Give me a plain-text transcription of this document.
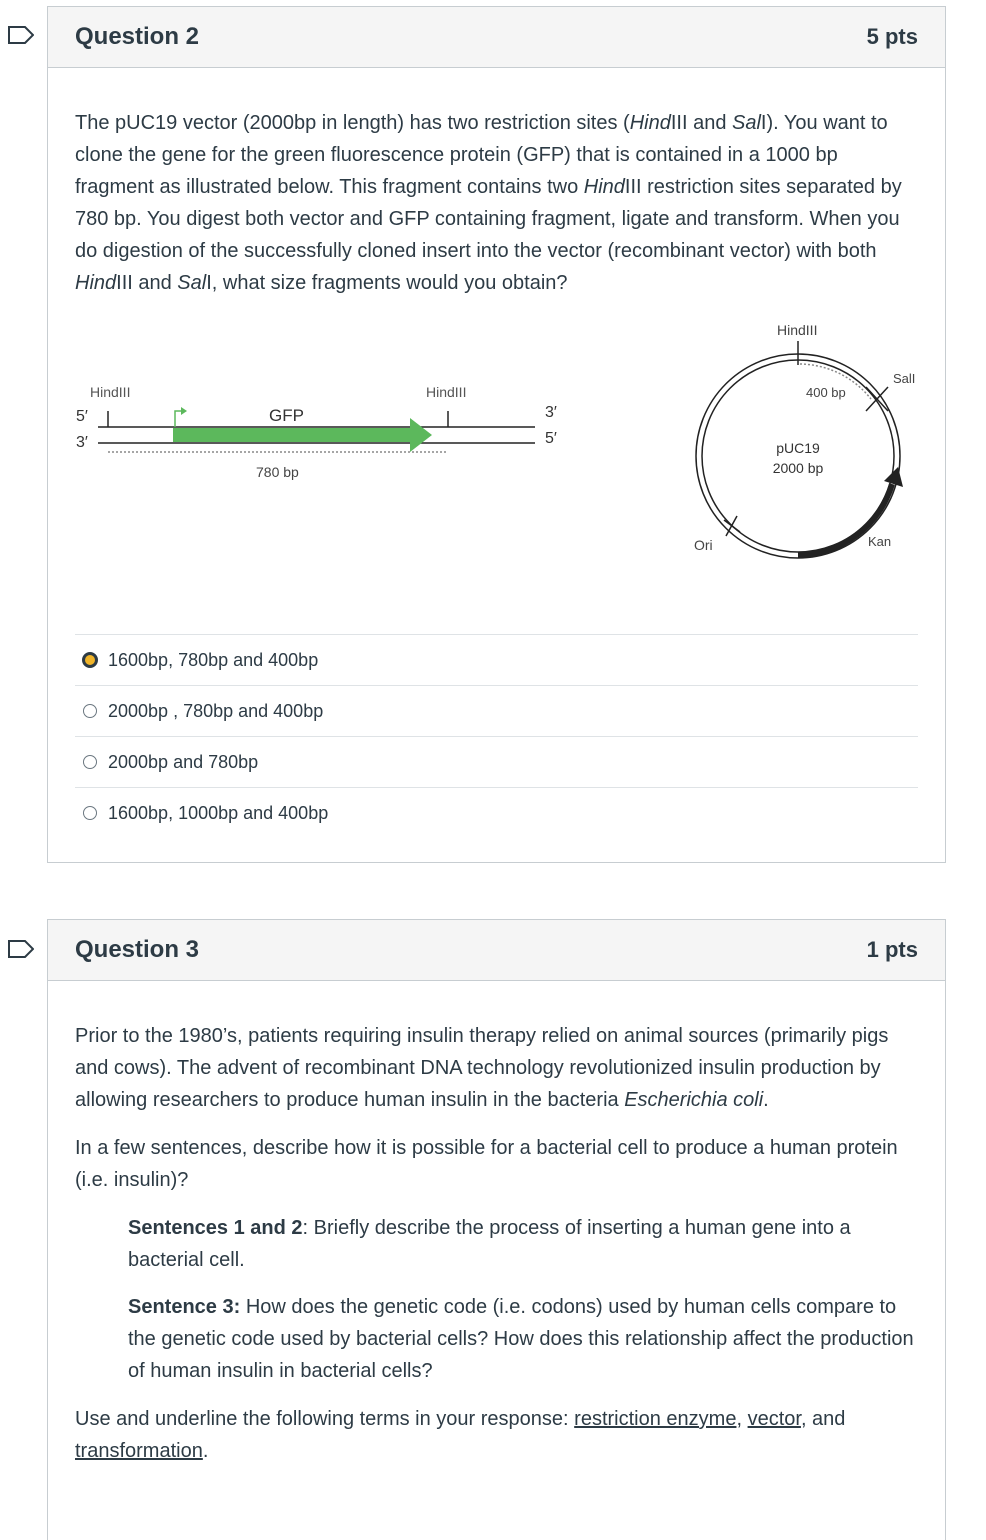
Question 2	5 pts

The pUC19 vector (2000bp in length) has two restriction sites (HindIII and SalI). You want to clone the gene for the green fluorescence protein (GFP) that is contained in a 1000 bp fragment as illustrated below. This fragment contains two HindIII restriction sites separated by 780 bp. You digest both vector and GFP containing fragment, ligate and transform. When you do digestion of the successfully cloned insert into the vector (recombinant vector) with both HindIII and SalI, what size fragments would you obtain?

HindIII	HindIII
5′
3′
3′
5′
GFP
780 bp
HindIII
400 bp
SalI
Kan
Ori
pUC19
2000 bp
1600bp, 780bp and 400bp
2000bp , 780bp and 400bp
2000bp and 780bp
1600bp, 1000bp and 400bp
Question 3	1 pts

Prior to the 1980’s, patients requiring insulin therapy relied on animal sources (primarily pigs and cows). The advent of recombinant DNA technology revolutionized insulin production by allowing researchers to produce human insulin in the bacteria Escherichia coli.

In a few sentences, describe how it is possible for a bacterial cell to produce a human protein (i.e. insulin)?

Sentences 1 and 2: Briefly describe the process of inserting a human gene into a bacterial cell.

Sentence 3: How does the genetic code (i.e. codons) used by human cells compare to the genetic code used by bacterial cells? How does this relationship affect the production of human insulin in bacterial cells?

Use and underline the following terms in your response: restriction enzyme, vector, and transformation.
